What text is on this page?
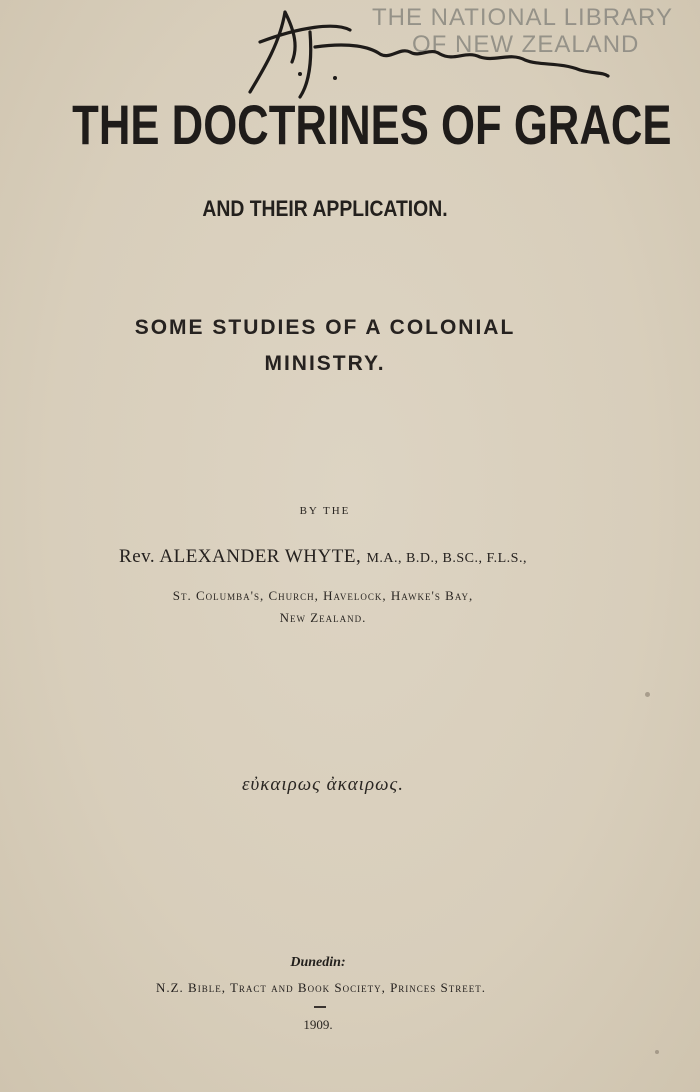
THE NATIONAL LIBRARY
OF NEW ZEALAND
THE DOCTRINES OF GRACE
AND THEIR APPLICATION.
SOME STUDIES OF A COLONIAL
MINISTRY.
BY THE
Rev. ALEXANDER WHYTE, M.A., B.D., B.SC., F.L.S.,
St. Columba's, Church, Havelock, Hawke's Bay,
New Zealand.
εὐκαιρως ἀκαιρως.
Dunedin:
N.Z. Bible, Tract and Book Society, Princes Street.
1909.
